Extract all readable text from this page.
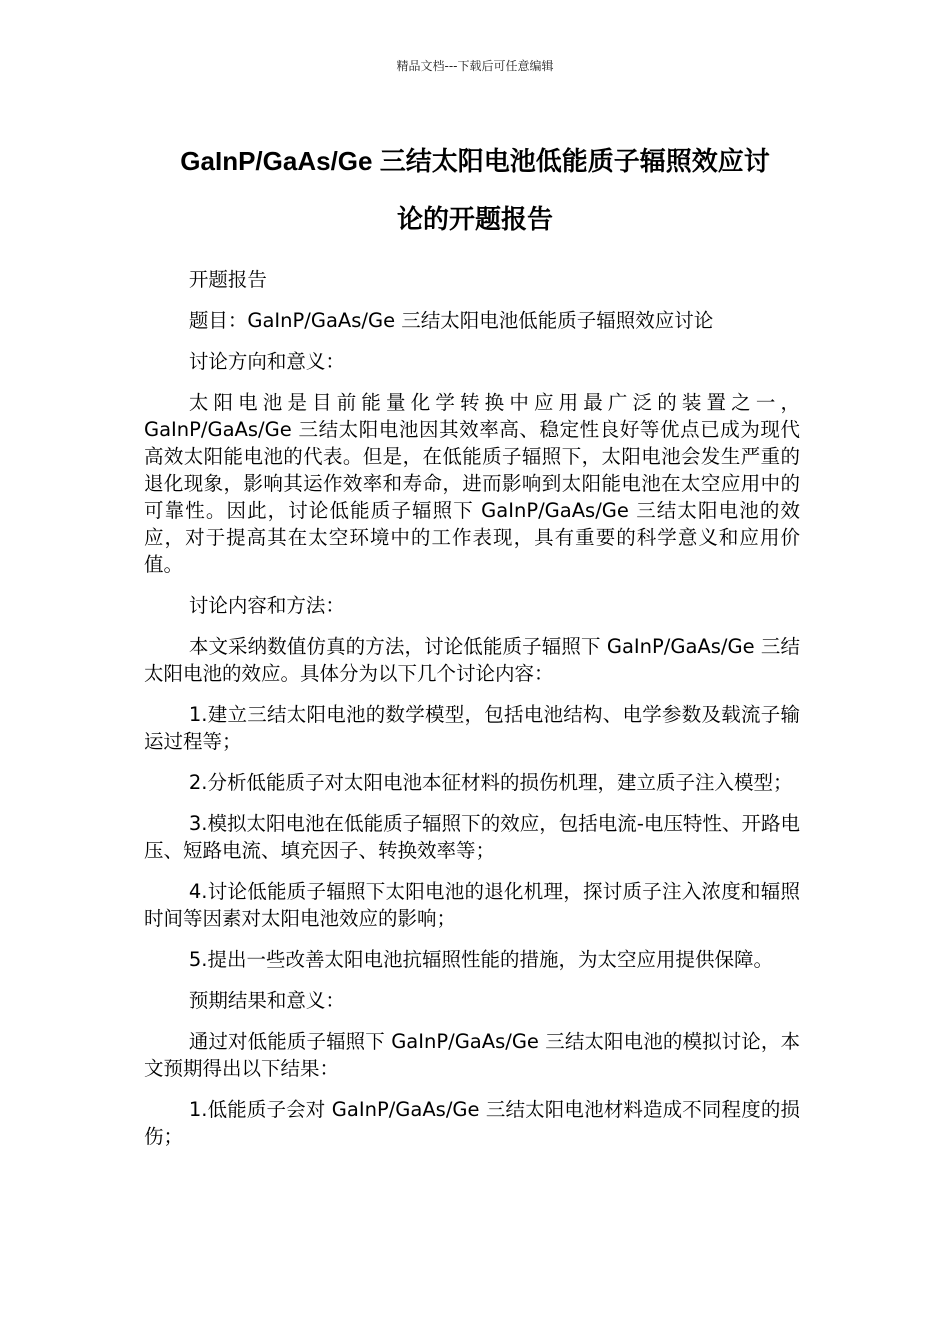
精品文档---下载后可任意编辑
GaInP/GaAs/Ge 三结太阳电池低能质子辐照效应讨
论的开题报告

开题报告

题目：GaInP/GaAs/Ge 三结太阳电池低能质子辐照效应讨论

讨论方向和意义：

太阳电池是目前能量化学转换中应用最广泛的装置之一，GaInP/GaAs/Ge 三结太阳电池因其效率高、稳定性良好等优点已成为现代高效太阳能电池的代表。但是，在低能质子辐照下，太阳电池会发生严重的退化现象，影响其运作效率和寿命，进而影响到太阳能电池在太空应用中的可靠性。因此，讨论低能质子辐照下 GaInP/GaAs/Ge 三结太阳电池的效应，对于提高其在太空环境中的工作表现，具有重要的科学意义和应用价值。

讨论内容和方法：

本文采纳数值仿真的方法，讨论低能质子辐照下 GaInP/GaAs/Ge 三结太阳电池的效应。具体分为以下几个讨论内容：

1.建立三结太阳电池的数学模型，包括电池结构、电学参数及载流子输运过程等；

2.分析低能质子对太阳电池本征材料的损伤机理，建立质子注入模型；

3.模拟太阳电池在低能质子辐照下的效应，包括电流-电压特性、开路电压、短路电流、填充因子、转换效率等；

4.讨论低能质子辐照下太阳电池的退化机理，探讨质子注入浓度和辐照时间等因素对太阳电池效应的影响；

5.提出一些改善太阳电池抗辐照性能的措施，为太空应用提供保障。

预期结果和意义：

通过对低能质子辐照下 GaInP/GaAs/Ge 三结太阳电池的模拟讨论，本文预期得出以下结果：

1.低能质子会对 GaInP/GaAs/Ge 三结太阳电池材料造成不同程度的损伤；
